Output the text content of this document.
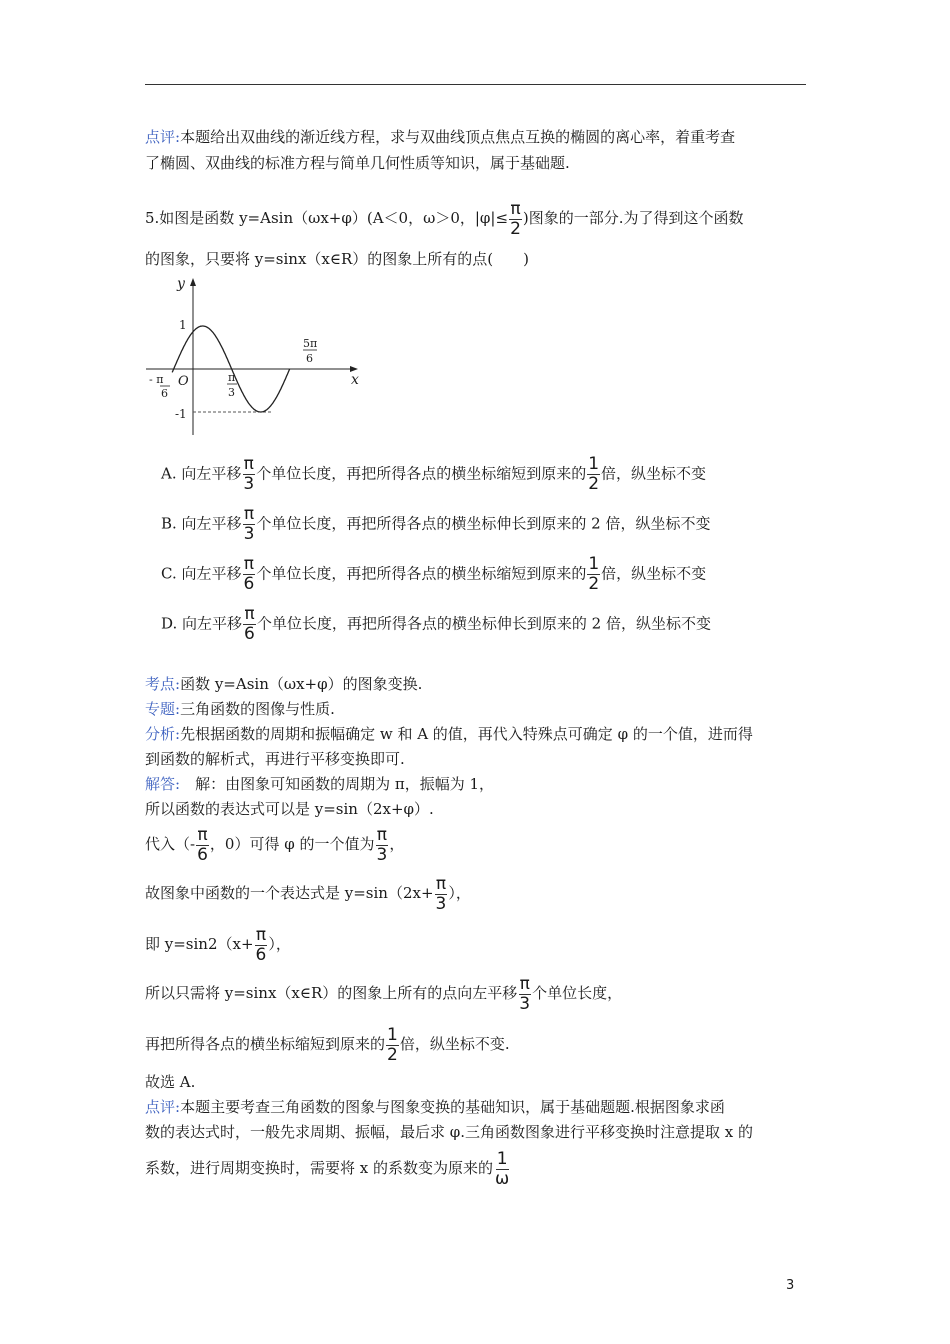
点评:本题给出双曲线的渐近线方程，求与双曲线顶点焦点互换的椭圆的离心率，着重考查
了椭圆、双曲线的标准方程与简单几何性质等知识，属于基础题.
5.如图是函数 y=Asin（ωx+φ）(A＜0，ω＞0，$|\varphi|\le \frac{\pi}{2}$ )图象的一部分.为了得到这个函数
的图象，只要将 y=sinx（x∈R）的图象上所有的点(　　)
y
x
O
1
-1
- π
6
π
3
5π
6
A. 向左平移 $\frac{\pi}{3}$ 个单位长度，再把所得各点的横坐标缩短到原来的 $\frac{1}{2}$ 倍，纵坐标不变
B. 向左平移 $\frac{\pi}{3}$ 个单位长度，再把所得各点的横坐标伸长到原来的 2 倍，纵坐标不变
C. 向左平移 $\frac{\pi}{6}$ 个单位长度，再把所得各点的横坐标缩短到原来的 $\frac{1}{2}$ 倍，纵坐标不变
D. 向左平移 $\frac{\pi}{6}$ 个单位长度，再把所得各点的横坐标伸长到原来的 2 倍，纵坐标不变
考点:函数 y=Asin（ωx+φ）的图象变换.
专题:三角函数的图像与性质.
分析:先根据函数的周期和振幅确定 w 和 A 的值，再代入特殊点可确定 φ 的一个值，进而得
到函数的解析式，再进行平移变换即可.
解答:　解：由图象可知函数的周期为 π，振幅为 1，
所以函数的表达式可以是 y=sin（2x+φ）.
代入（- $\frac{\pi}{6}$ ，0）可得 φ 的一个值为 $\frac{\pi}{3}$ ，
故图象中函数的一个表达式是 $y=\sin(2x+ \frac{\pi}{3}$ ），
即 $y=\sin 2(x+ \frac{\pi}{6}$ ），
所以只需将 y=sinx（x∈R）的图象上所有的点向左平移 $\frac{\pi}{3}$ 个单位长度，
再把所得各点的横坐标缩短到原来的 $\frac{1}{2}$ 倍，纵坐标不变.
故选 A.
点评:本题主要考查三角函数的图象与图象变换的基础知识，属于基础题题.根据图象求函
数的表达式时，一般先求周期、振幅，最后求 φ.三角函数图象进行平移变换时注意提取 x 的
系数，进行周期变换时，需要将 x 的系数变为原来的 $\frac{1}{\omega}$
3
